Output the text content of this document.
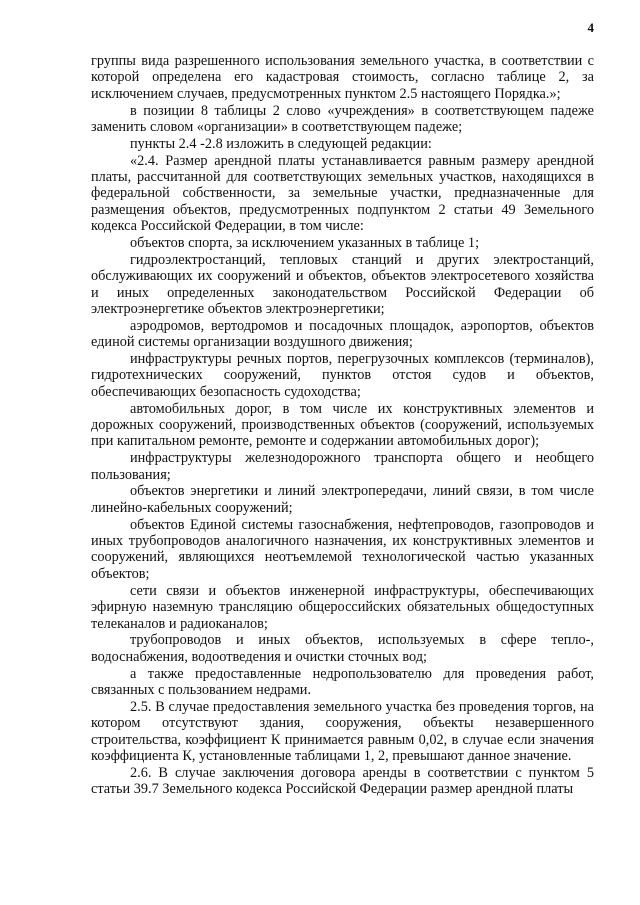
4

группы вида разрешенного использования земельного участка, в соответствии с которой определена его кадастровая стоимость, согласно таблице 2, за исключением случаев, предусмотренных пунктом 2.5 настоящего Порядка.»;

в позиции 8 таблицы 2 слово «учреждения» в соответствующем падеже заменить словом «организации» в соответствующем падеже;

пункты 2.4 -2.8 изложить в следующей редакции:

«2.4. Размер арендной платы устанавливается равным размеру арендной платы, рассчитанной для соответствующих земельных участков, находящихся в федеральной собственности, за земельные участки, предназначенные для размещения объектов, предусмотренных подпунктом 2 статьи 49 Земельного кодекса Российской Федерации, в том числе:

объектов спорта, за исключением указанных в таблице 1;

гидроэлектростанций, тепловых станций и других электростанций, обслуживающих их сооружений и объектов, объектов электросетевого хозяйства и иных определенных законодательством Российской Федерации об электроэнергетике объектов электроэнергетики;

аэродромов, вертодромов и посадочных площадок, аэропортов, объектов единой системы организации воздушного движения;

инфраструктуры речных портов, перегрузочных комплексов (терминалов), гидротехнических сооружений, пунктов отстоя судов и объектов, обеспечивающих безопасность судоходства;

автомобильных дорог, в том числе их конструктивных элементов и дорожных сооружений, производственных объектов (сооружений, используемых при капитальном ремонте, ремонте и содержании автомобильных дорог);

инфраструктуры железнодорожного транспорта общего и необщего пользования;

объектов энергетики и линий электропередачи, линий связи, в том числе линейно-кабельных сооружений;

объектов Единой системы газоснабжения, нефтепроводов, газопроводов и иных трубопроводов аналогичного назначения, их конструктивных элементов и сооружений, являющихся неотъемлемой технологической частью указанных объектов;

сети связи и объектов инженерной инфраструктуры, обеспечивающих эфирную наземную трансляцию общероссийских обязательных общедоступных телеканалов и радиоканалов;

трубопроводов и иных объектов, используемых в сфере тепло-, водоснабжения, водоотведения и очистки сточных вод;

а также предоставленные недропользователю для проведения работ, связанных с пользованием недрами.

2.5. В случае предоставления земельного участка без проведения торгов, на котором отсутствуют здания, сооружения, объекты незавершенного строительства, коэффициент К принимается равным 0,02, в случае если значения коэффициента К, установленные таблицами 1, 2, превышают данное значение.

2.6. В случае заключения договора аренды в соответствии с пунктом 5 статьи 39.7 Земельного кодекса Российской Федерации размер арендной платы
